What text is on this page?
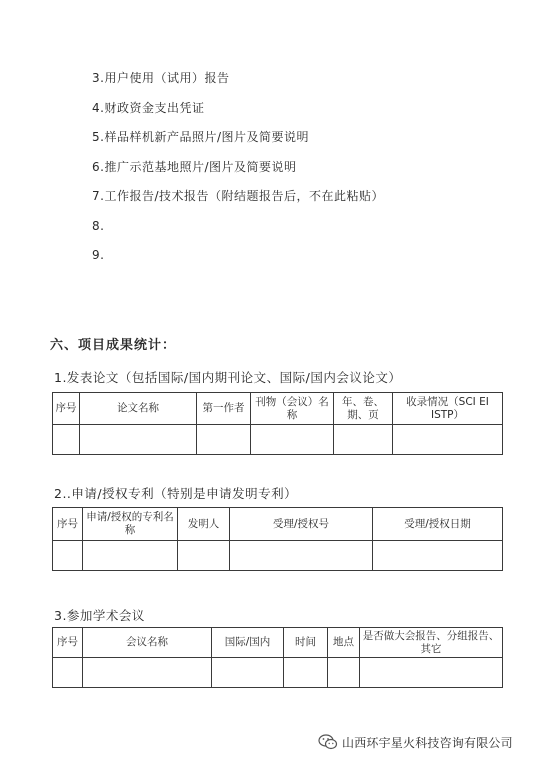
3.用户使用（试用）报告
4.财政资金支出凭证
5.样品样机新产品照片/图片及简要说明
6.推广示范基地照片/图片及简要说明
7.工作报告/技术报告（附结题报告后，不在此粘贴）
8.
9.
六、项目成果统计：
1.发表论文（包括国际/国内期刊论文、国际/国内会议论文）
序号	论文名称	第一作者	刊物（会议）名称	年、卷、期、页	收录情况（SCI EI ISTP）

2..申请/授权专利（特别是申请发明专利）
序号	申请/授权的专利名称	发明人	受理/授权号	受理/授权日期

3.参加学术会议
序号	会议名称	国际/国内	时间	地点	是否做大会报告、分组报告、其它

山西环宇星火科技咨询有限公司
